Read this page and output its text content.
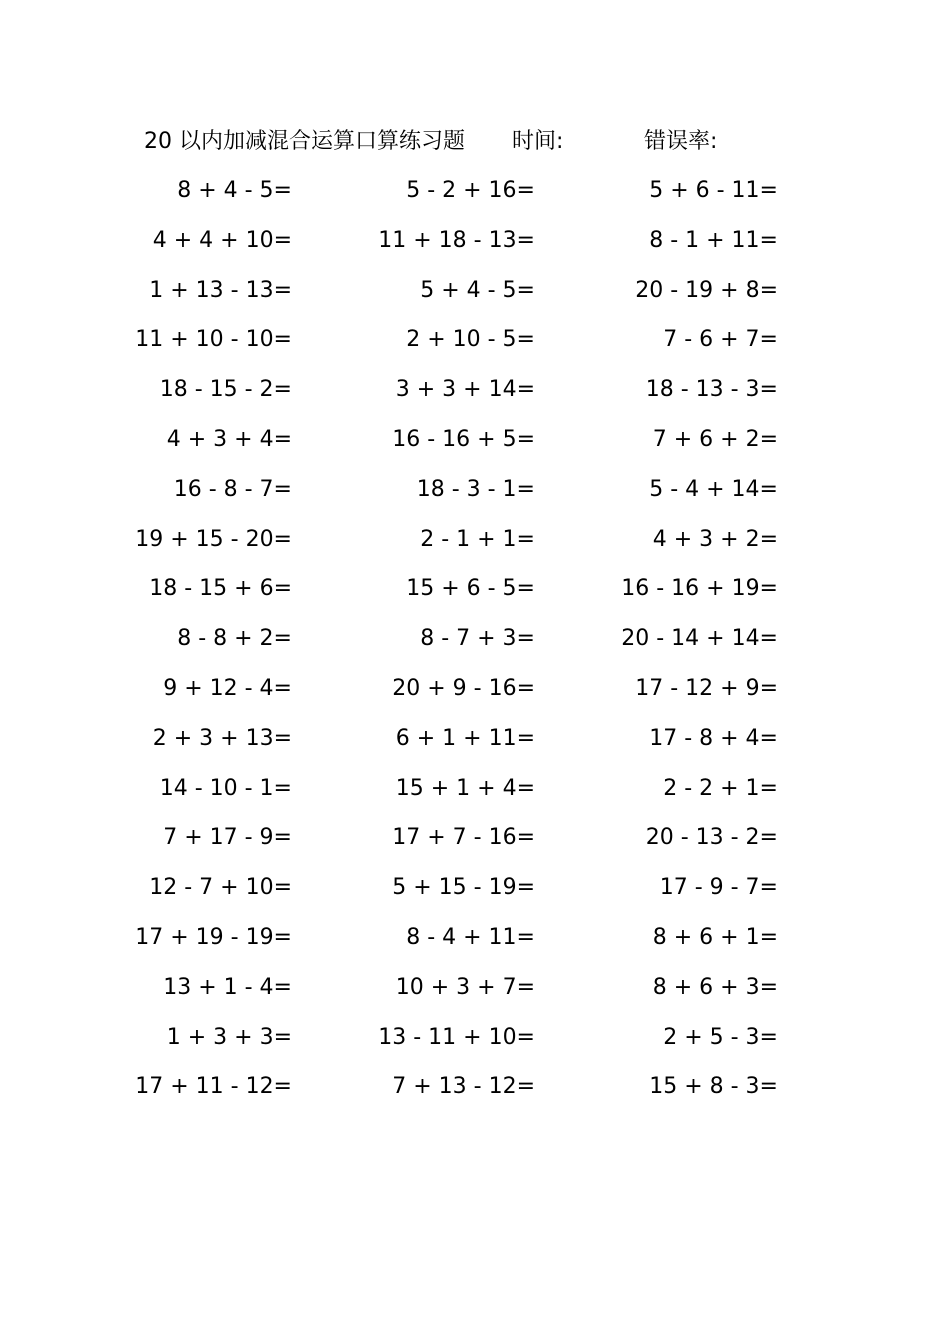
20 以内加减混合运算口算练习题 时间:	错误率:
8 + 4 - 5=	5 - 2 + 16=	5 + 6 - 11=
4 + 4 + 10=	11 + 18 - 13=	8 - 1 + 11=
1 + 13 - 13=	5 + 4 - 5=	20 - 19 + 8=
11 + 10 - 10=	2 + 10 - 5=	7 - 6 + 7=
18 - 15 - 2=	3 + 3 + 14=	18 - 13 - 3=
4 + 3 + 4=	16 - 16 + 5=	7 + 6 + 2=
16 - 8 - 7=	18 - 3 - 1=	5 - 4 + 14=
19 + 15 - 20=	2 - 1 + 1=	4 + 3 + 2=
18 - 15 + 6=	15 + 6 - 5=	16 - 16 + 19=
8 - 8 + 2=	8 - 7 + 3=	20 - 14 + 14=
9 + 12 - 4=	20 + 9 - 16=	17 - 12 + 9=
2 + 3 + 13=	6 + 1 + 11=	17 - 8 + 4=
14 - 10 - 1=	15 + 1 + 4=	2 - 2 + 1=
7 + 17 - 9=	17 + 7 - 16=	20 - 13 - 2=
12 - 7 + 10=	5 + 15 - 19=	17 - 9 - 7=
17 + 19 - 19=	8 - 4 + 11=	8 + 6 + 1=
13 + 1 - 4=	10 + 3 + 7=	8 + 6 + 3=
1 + 3 + 3=	13 - 11 + 10=	2 + 5 - 3=
17 + 11 - 12=	7 + 13 - 12=	15 + 8 - 3=
